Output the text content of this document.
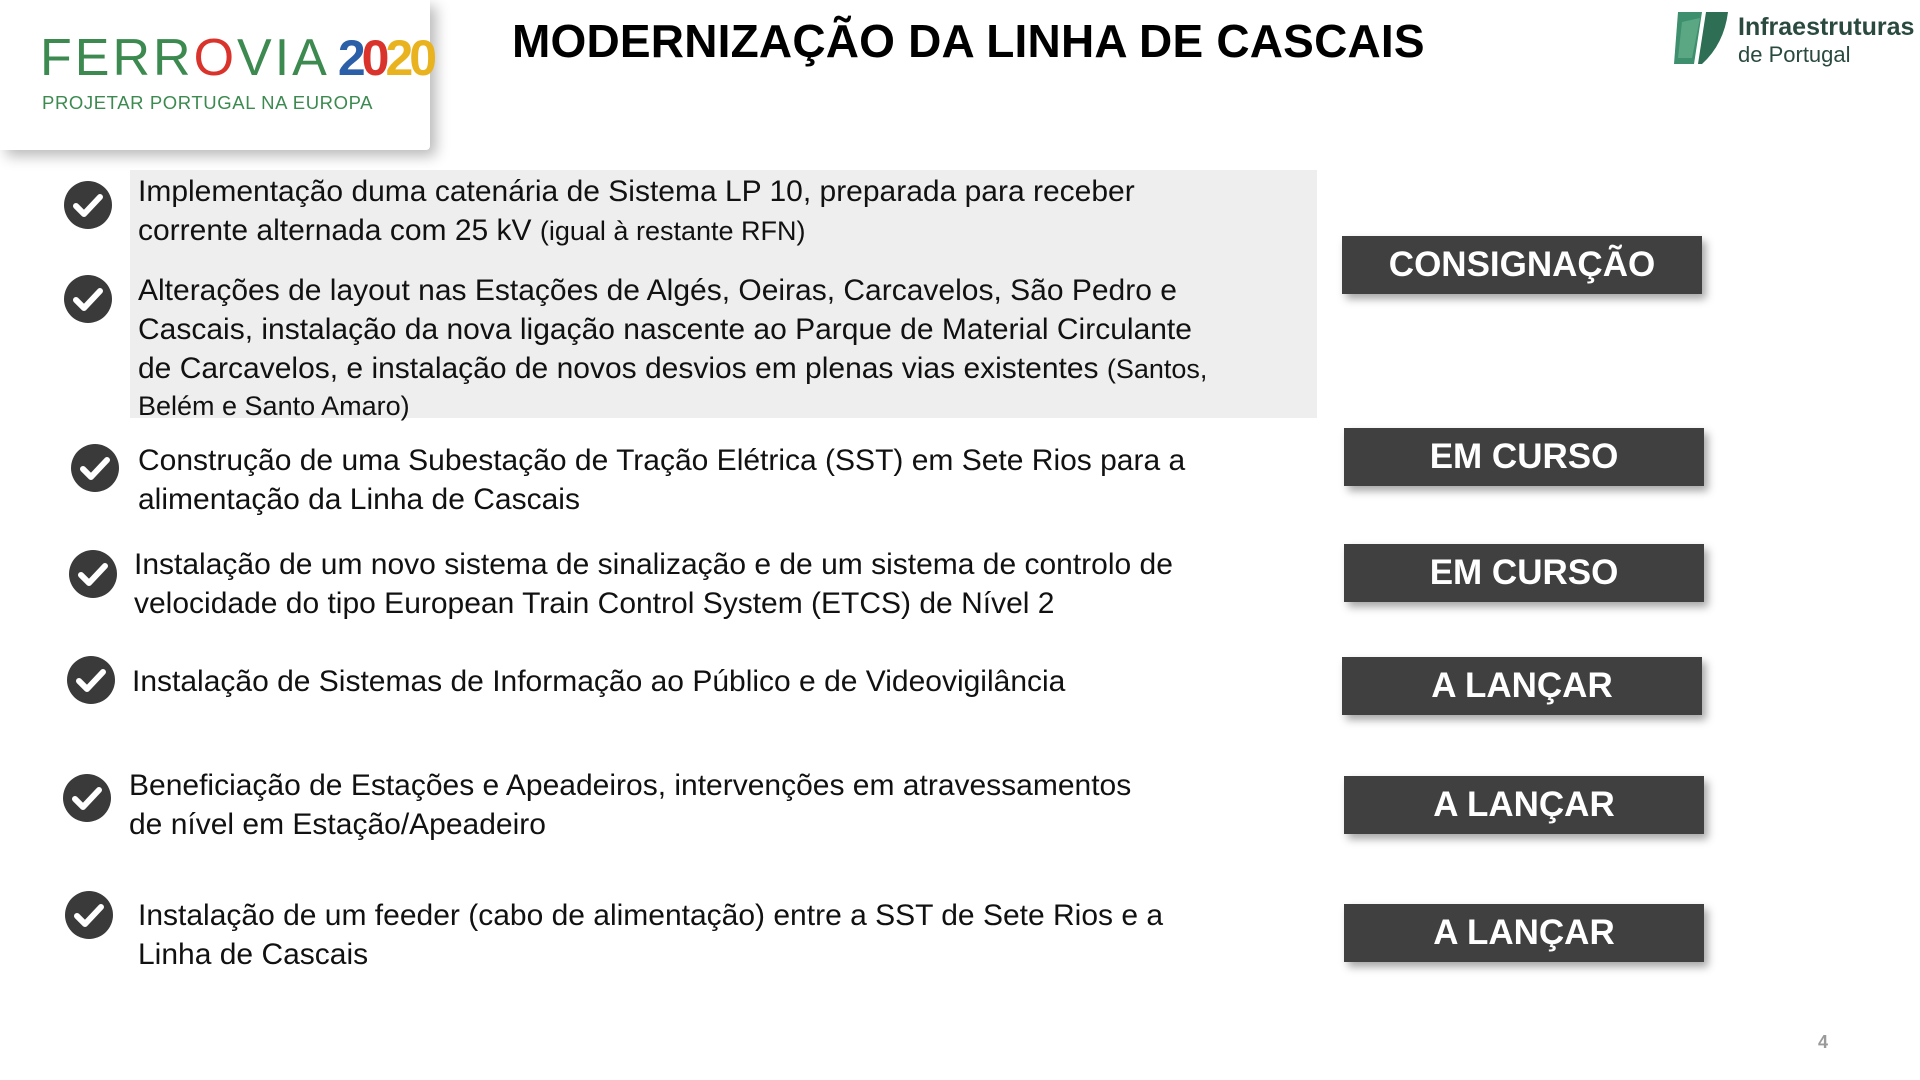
FERROVIA 2020
PROJETAR PORTUGAL NA EUROPA
MODERNIZAÇÃO DA LINHA DE CASCAIS	Infraestruturas
de Portugal
Implementação duma catenária de Sistema LP 10, preparada para receber
corrente alternada com 25 kV (igual à restante RFN)
Alterações de layout nas Estações de Algés, Oeiras, Carcavelos, São Pedro e
Cascais, instalação da nova ligação nascente ao Parque de Material Circulante
de Carcavelos, e instalação de novos desvios em plenas vias existentes (Santos,
Belém e Santo Amaro)
Construção de uma Subestação de Tração Elétrica (SST) em Sete Rios para a
alimentação da Linha de Cascais
Instalação de um novo sistema de sinalização e de um sistema de controlo de
velocidade do tipo European Train Control System (ETCS) de Nível 2
Instalação de Sistemas de Informação ao Público e de Videovigilância
Beneficiação de Estações e Apeadeiros, intervenções em atravessamentos
de nível em Estação/Apeadeiro
Instalação de um feeder (cabo de alimentação) entre a SST de Sete Rios e a
Linha de Cascais
CONSIGNAÇÃO
EM CURSO
EM CURSO
A LANÇAR
A LANÇAR
A LANÇAR
4
